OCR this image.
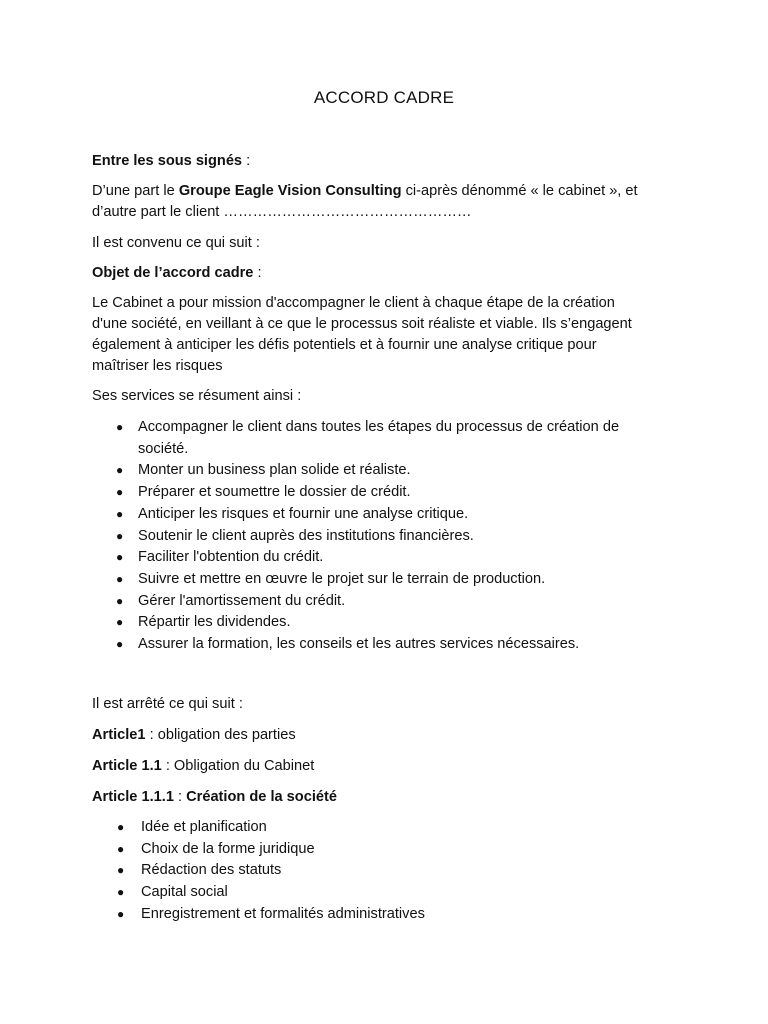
ACCORD CADRE
Entre les sous signés :
D’une part le Groupe Eagle Vision Consulting ci-après dénommé « le cabinet », et
d’autre part le client ……………………………………………
Il est convenu ce qui suit :
Objet de l’accord cadre :
Le Cabinet a pour mission d'accompagner le client à chaque étape de la création
d'une société, en veillant à ce que le processus soit réaliste et viable. Ils s’engagent
également à anticiper les défis potentiels et à fournir une analyse critique pour
maîtriser les risques
Ses services se résument ainsi :
● Accompagner le client dans toutes les étapes du processus de création de société.
● Monter un business plan solide et réaliste.
● Préparer et soumettre le dossier de crédit.
● Anticiper les risques et fournir une analyse critique.
● Soutenir le client auprès des institutions financières.
● Faciliter l'obtention du crédit.
● Suivre et mettre en œuvre le projet sur le terrain de production.
● Gérer l'amortissement du crédit.
● Répartir les dividendes.
● Assurer la formation, les conseils et les autres services nécessaires.
Il est arrêté ce qui suit :
Article1 : obligation des parties
Article 1.1 : Obligation du Cabinet
Article 1.1.1 : Création de la société
● Idée et planification
● Choix de la forme juridique
● Rédaction des statuts
● Capital social
● Enregistrement et formalités administratives
